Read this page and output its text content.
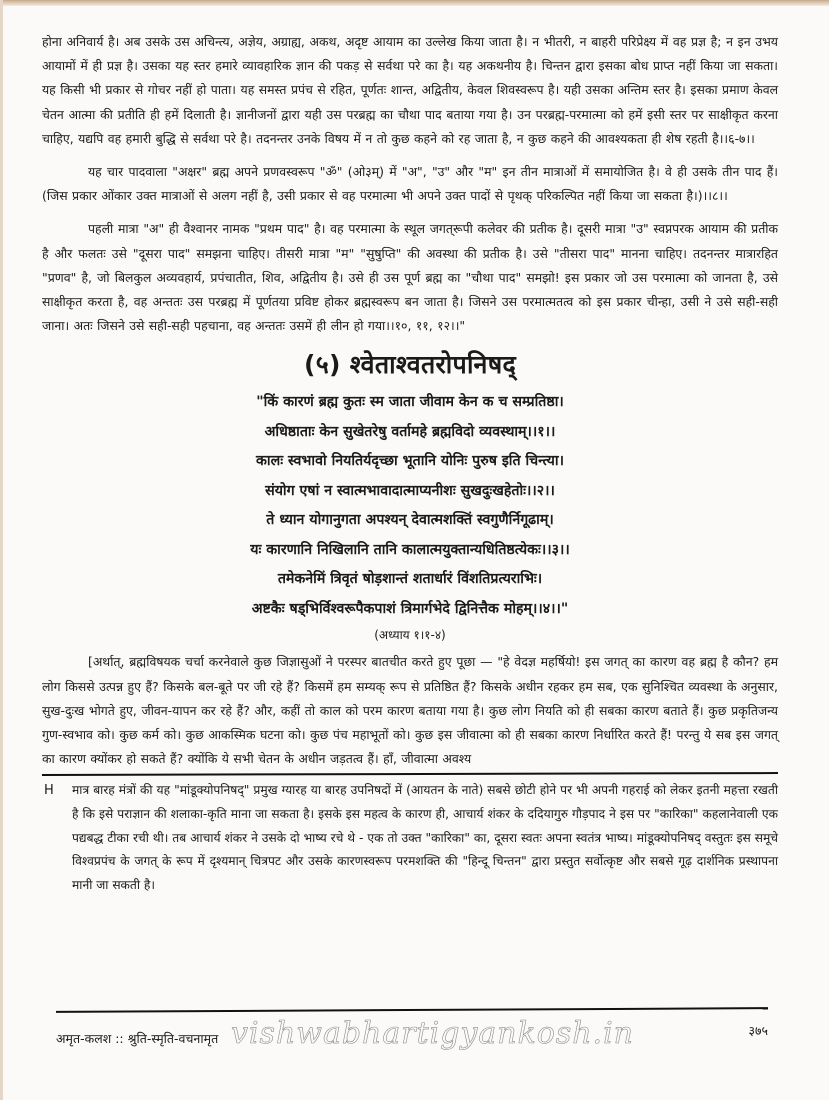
होना अनिवार्य है। अब उसके उस अचिन्त्य, अज्ञेय, अग्राह्य, अकथ, अदृष्ट आयाम का उल्लेख किया जाता है। न भीतरी, न बाहरी परिप्रेक्ष्य में वह प्रज्ञ है; न इन उभय आयामों में ही प्रज्ञ है। उसका यह स्तर हमारे व्यावहारिक ज्ञान की पकड़ से सर्वथा परे का है। यह अकथनीय है। चिन्तन द्वारा इसका बोध प्राप्त नहीं किया जा सकता। यह किसी भी प्रकार से गोचर नहीं हो पाता। यह समस्त प्रपंच से रहित, पूर्णतः शान्त, अद्वितीय, केवल शिवस्वरूप है। यही उसका अन्तिम स्तर है। इसका प्रमाण केवल चेतन आत्मा की प्रतीति ही हमें दिलाती है। ज्ञानीजनों द्वारा यही उस परब्रह्म का चौथा पाद बताया गया है। उन परब्रह्म-परमात्मा को हमें इसी स्तर पर साक्षीकृत करना चाहिए, यद्यपि वह हमारी बुद्धि से सर्वथा परे है। तदनन्तर उनके विषय में न तो कुछ कहने को रह जाता है, न कुछ कहने की आवश्यकता ही शेष रहती है।।६-७।।

यह चार पादवाला "अक्षर" ब्रह्म अपने प्रणवस्वरूप "ॐ" (ओ३म्) में "अ", "उ" और "म" इन तीन मात्राओं में समायोजित है। वे ही उसके तीन पाद हैं। (जिस प्रकार ओंकार उक्त मात्राओं से अलग नहीं है, उसी प्रकार से वह परमात्मा भी अपने उक्त पादों से पृथक् परिकल्पित नहीं किया जा सकता है।)।।८।।

पहली मात्रा "अ" ही वैश्वानर नामक "प्रथम पाद" है। वह परमात्मा के स्थूल जगत्‌रूपी कलेवर की प्रतीक है। दूसरी मात्रा "उ" स्वप्नपरक आयाम की प्रतीक है और फलतः उसे "दूसरा पाद" समझना चाहिए। तीसरी मात्रा "म" "सुषुप्ति" की अवस्था की प्रतीक है। उसे "तीसरा पाद" मानना चाहिए। तदनन्तर मात्रारहित "प्रणव" है, जो बिलकुल अव्यवहार्य, प्रपंचातीत, शिव, अद्वितीय है। उसे ही उस पूर्ण ब्रह्म का "चौथा पाद" समझो! इस प्रकार जो उस परमात्मा को जानता है, उसे साक्षीकृत करता है, वह अन्ततः उस परब्रह्म में पूर्णतया प्रविष्ट होकर ब्रह्मस्वरूप बन जाता है। जिसने उस परमात्मतत्व को इस प्रकार चीन्हा, उसी ने उसे सही-सही जाना। अतः जिसने उसे सही-सही पहचाना, वह अन्ततः उसमें ही लीन हो गया।।१०, ११, १२।।"

(५) श्वेताश्वतरोपनिषद्
"किं कारणं ब्रह्म कुतः स्म जाता जीवाम केन क च सम्प्रतिष्ठा।
अधिष्ठाताः केन सुखेतरेषु वर्तामहे ब्रह्मविदो व्यवस्थाम्।।१।।
कालः स्वभावो नियतिर्यदृच्छा भूतानि योनिः पुरुष इति चिन्त्या।
संयोग एषां न स्वात्मभावादात्माप्यनीशः सुखदुःखहेतोः।।२।।
ते ध्यान योगानुगता अपश्यन् देवात्मशक्तिं स्वगुणैर्निगूढाम्।
यः कारणानि निखिलानि तानि कालात्मयुक्तान्यधितिष्ठत्येकः।।३।।
तमेकनेमिं त्रिवृतं षोड़शान्तं शतार्धारं विंशतिप्रत्यराभिः।
अष्टकैः षड्भिर्विश्वरूपैकपाशं त्रिमार्गभेदे द्विनित्तैक मोहम्।।४।।"
(अध्याय १।१-४)

[अर्थात्, ब्रह्मविषयक चर्चा करनेवाले कुछ जिज्ञासुओं ने परस्पर बातचीत करते हुए पूछा — "हे वेदज्ञ महर्षियो! इस जगत् का कारण वह ब्रह्म है कौन? हम लोग किससे उत्पन्न हुए हैं? किसके बल-बूते पर जी रहे हैं? किसमें हम सम्यक् रूप से प्रतिष्ठित हैं? किसके अधीन रहकर हम सब, एक सुनिश्चित व्यवस्था के अनुसार, सुख-दुःख भोगते हुए, जीवन-यापन कर रहे हैं? और, कहीं तो काल को परम कारण बताया गया है। कुछ लोग नियति को ही सबका कारण बताते हैं। कुछ प्रकृतिजन्य गुण-स्वभाव को। कुछ कर्म को। कुछ आकस्मिक घटना को। कुछ पंच महाभूतों को। कुछ इस जीवात्मा को ही सबका कारण निर्धारित करते हैं! परन्तु ये सब इस जगत् का कारण क्योंकर हो सकते हैं? क्योंकि ये सभी चेतन के अधीन जड़तत्व हैं। हाँ, जीवात्मा अवश्य

H मात्र बारह मंत्रों की यह "मांडूक्योपनिषद्" प्रमुख ग्यारह या बारह उपनिषदों में (आयतन के नाते) सबसे छोटी होने पर भी अपनी गहराई को लेकर इतनी महत्ता रखती है कि इसे पराज्ञान की शलाका-कृति माना जा सकता है। इसके इस महत्व के कारण ही, आचार्य शंकर के ददियागुरु गौड़पाद ने इस पर "कारिका" कहलानेवाली एक पद्यबद्ध टीका रची थी। तब आचार्य शंकर ने उसके दो भाष्य रचे थे - एक तो उक्त "कारिका" का, दूसरा स्वतः अपना स्वतंत्र भाष्य। मांडूक्योपनिषद् वस्तुतः इस समूचे विश्वप्रपंच के जगत् के रूप में दृश्यमान् चित्रपट और उसके कारणस्वरूप परमशक्ति की "हिन्दू चिन्तन" द्वारा प्रस्तुत सर्वोत्कृष्ट और सबसे गूढ़ दार्शनिक प्रस्थापना मानी जा सकती है।
अमृत-कलश :: श्रुति-स्मृति-वचनामृत vishwabhartigyankosh.in	३७५
